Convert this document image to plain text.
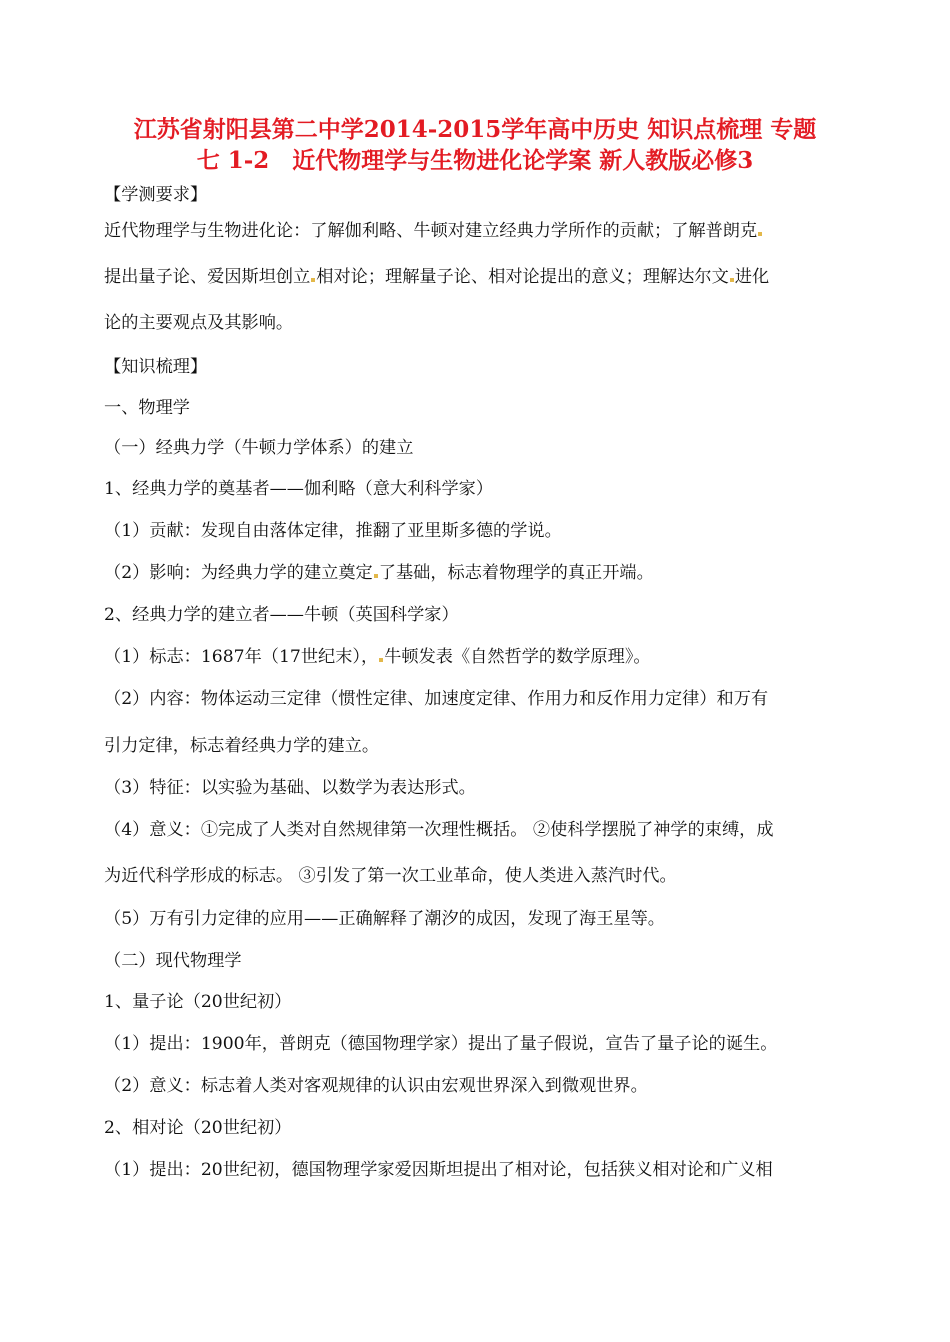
江苏省射阳县第二中学2014-2015学年高中历史 知识点梳理 专题
七 1-2　近代物理学与生物进化论学案 新人教版必修3

【学测要求】

近代物理学与生物进化论：了解伽利略、牛顿对建立经典力学所作的贡献；了解普朗克

提出量子论、爱因斯坦创立 相对论；理解量子论、相对论提出的意义；理解达尔文 进化

论的主要观点及其影响。

【知识梳理】

一、物理学

（一）经典力学（牛顿力学体系）的建立

1、经典力学的奠基者——伽利略（意大利科学家）

（1）贡献：发现自由落体定律，推翻了亚里斯多德的学说。

（2）影响：为经典力学的建立奠定 了基础，标志着物理学的真正开端。

2、经典力学的建立者——牛顿（英国科学家）

（1）标志：1687年（17世纪末）， 牛顿发表《自然哲学的数学原理》。

（2）内容：物体运动三定律（惯性定律、加速度定律、作用力和反作用力定律）和万有

引力定律，标志着经典力学的建立。

（3）特征：以实验为基础、以数学为表达形式。

（4）意义：①完成了人类对自然规律第一次理性概括。 ②使科学摆脱了神学的束缚，成

为近代科学形成的标志。 ③引发了第一次工业革命，使人类进入蒸汽时代。

（5）万有引力定律的应用——正确解释了潮汐的成因，发现了海王星等。

（二）现代物理学

1、量子论（20世纪初）

（1）提出：1900年，普朗克（德国物理学家）提出了量子假说，宣告了量子论的诞生。

（2）意义：标志着人类对客观规律的认识由宏观世界深入到微观世界。

2、相对论（20世纪初）

（1）提出：20世纪初，德国物理学家爱因斯坦提出了相对论，包括狭义相对论和广义相
